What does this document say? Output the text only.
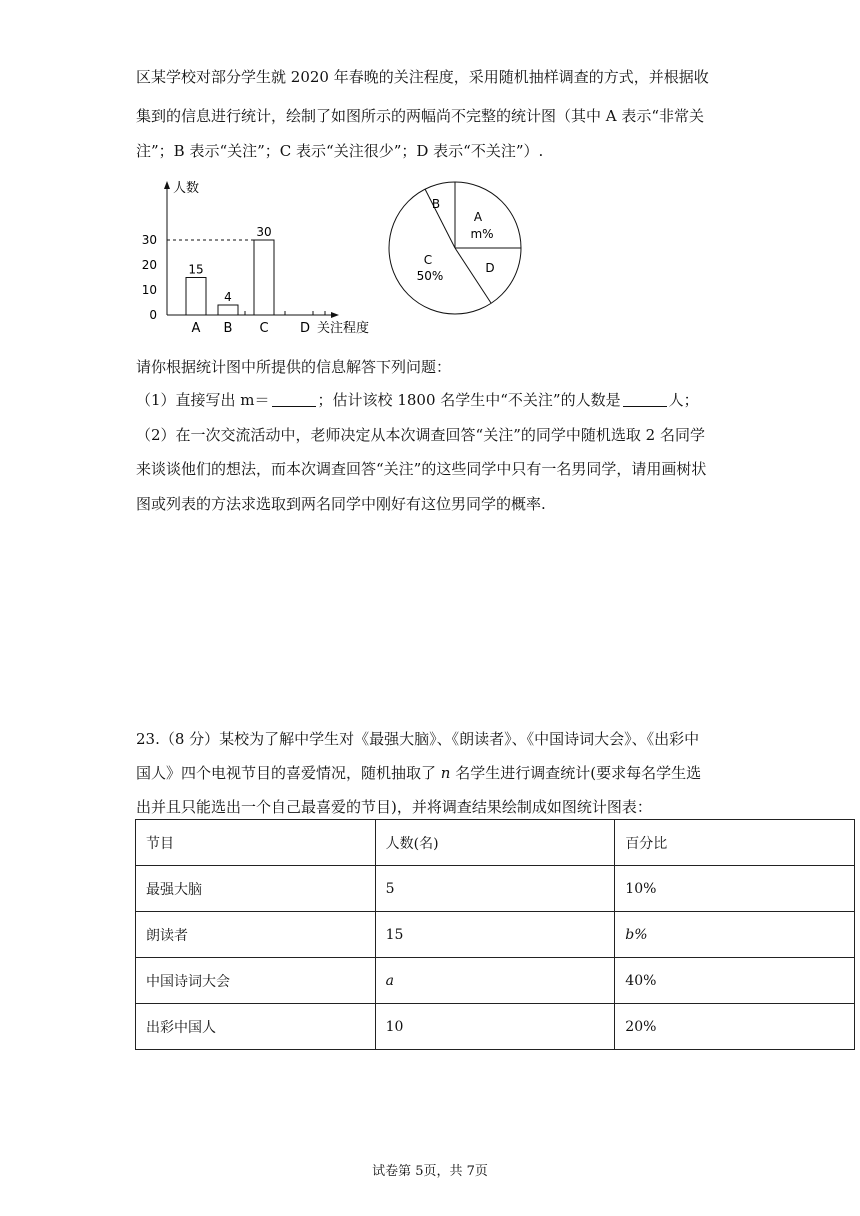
区某学校对部分学生就 2020 年春晚的关注程度，采用随机抽样调查的方式，并根据收
集到的信息进行统计，绘制了如图所示的两幅尚不完整的统计图（其中 A 表示“非常关
注”；B 表示“关注”；C 表示“关注很少”；D 表示“不关注”）.
人数
关注程度
0
10
20
30
15
A
4
B
30
C D
A
m%
B
C
50%
D
请你根据统计图中所提供的信息解答下列问题：
（1）直接写出 m＝	；估计该校 1800 名学生中“不关注”的人数是	人；
（2）在一次交流活动中，老师决定从本次调查回答“关注”的同学中随机选取 2 名同学
来谈谈他们的想法，而本次调查回答“关注”的这些同学中只有一名男同学，请用画树状
图或列表的方法求选取到两名同学中刚好有这位男同学的概率.
23.（8 分）某校为了解中学生对《最强大脑》、《朗读者》、《中国诗词大会》、《出彩中
国人》四个电视节目的喜爱情况，随机抽取了 n 名学生进行调查统计(要求每名学生选
出并且只能选出一个自己最喜爱的节目)，并将调查结果绘制成如图统计图表：
节目	人数(名)	百分比
最强大脑	5	10%
朗读者	15	b%
中国诗词大会	a	40%
出彩中国人	10	20%
试卷第 5页，共 7页
